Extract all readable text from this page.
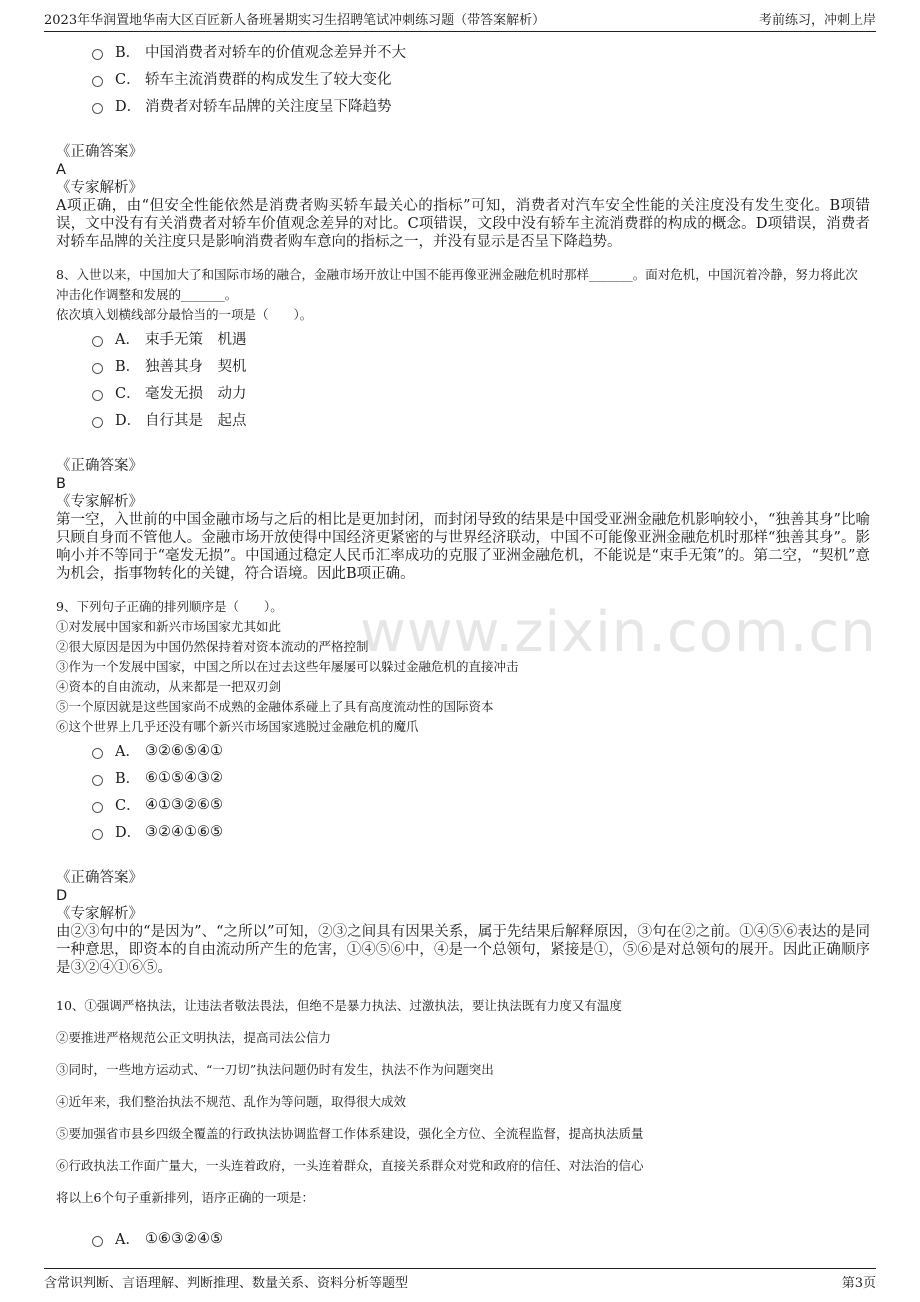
2023年华润置地华南大区百匠新人备班暑期实习生招聘笔试冲刺练习题（带答案解析）	考前练习，冲刺上岸
www.zixin.com.cn
B． 中国消费者对轿车的价值观念差异并不大
C． 轿车主流消费群的构成发生了较大变化
D． 消费者对轿车品牌的关注度呈下降趋势
《正确答案》
A
《专家解析》
A项正确，由“但安全性能依然是消费者购买轿车最关心的指标”可知，消费者对汽车安全性能的关注度没有发生变化。B项错误，文中没有有关消费者对轿车价值观念差异的对比。C项错误，文段中没有轿车主流消费群的构成的概念。D项错误，消费者对轿车品牌的关注度只是影响消费者购车意向的指标之一，并没有显示是否呈下降趋势。
8、入世以来，中国加大了和国际市场的融合，金融市场开放让中国不能再像亚洲金融危机时那样_______。面对危机，中国沉着冷静，努力将此次冲击化作调整和发展的_______。
依次填入划横线部分最恰当的一项是（　　）。
A． 束手无策　机遇
B． 独善其身　契机
C． 毫发无损　动力
D． 自行其是　起点
《正确答案》
B
《专家解析》
第一空，入世前的中国金融市场与之后的相比是更加封闭，而封闭导致的结果是中国受亚洲金融危机影响较小，“独善其身”比喻只顾自身而不管他人。金融市场开放使得中国经济更紧密的与世界经济联动，中国不可能像亚洲金融危机时那样“独善其身”。影响小并不等同于“毫发无损”。中国通过稳定人民币汇率成功的克服了亚洲金融危机，不能说是“束手无策”的。第二空，“契机”意为机会，指事物转化的关键，符合语境。因此B项正确。
9、下列句子正确的排列顺序是（　　）。
①对发展中国家和新兴市场国家尤其如此
②很大原因是因为中国仍然保持着对资本流动的严格控制
③作为一个发展中国家，中国之所以在过去这些年屡屡可以躲过金融危机的直接冲击
④资本的自由流动，从来都是一把双刃剑
⑤一个原因就是这些国家尚不成熟的金融体系碰上了具有高度流动性的国际资本
⑥这个世界上几乎还没有哪个新兴市场国家逃脱过金融危机的魔爪
A． ③②⑥⑤④①
B． ⑥①⑤④③②
C． ④①③②⑥⑤
D． ③②④①⑥⑤
《正确答案》
D
《专家解析》
由②③句中的“是因为”、“之所以”可知，②③之间具有因果关系，属于先结果后解释原因，③句在②之前。①④⑤⑥表达的是同一种意思，即资本的自由流动所产生的危害，①④⑤⑥中，④是一个总领句，紧接是①，⑤⑥是对总领句的展开。因此正确顺序是③②④①⑥⑤。
10、①强调严格执法，让违法者敬法畏法，但绝不是暴力执法、过激执法，要让执法既有力度又有温度
②要推进严格规范公正文明执法，提高司法公信力
③同时，一些地方运动式、“一刀切”执法问题仍时有发生，执法不作为问题突出
④近年来，我们整治执法不规范、乱作为等问题，取得很大成效
⑤要加强省市县乡四级全覆盖的行政执法协调监督工作体系建设，强化全方位、全流程监督，提高执法质量
⑥行政执法工作面广量大，一头连着政府，一头连着群众，直接关系群众对党和政府的信任、对法治的信心
将以上6个句子重新排列，语序正确的一项是：
A． ①⑥③②④⑤
含常识判断、言语理解、判断推理、数量关系、资料分析等题型	第3页
